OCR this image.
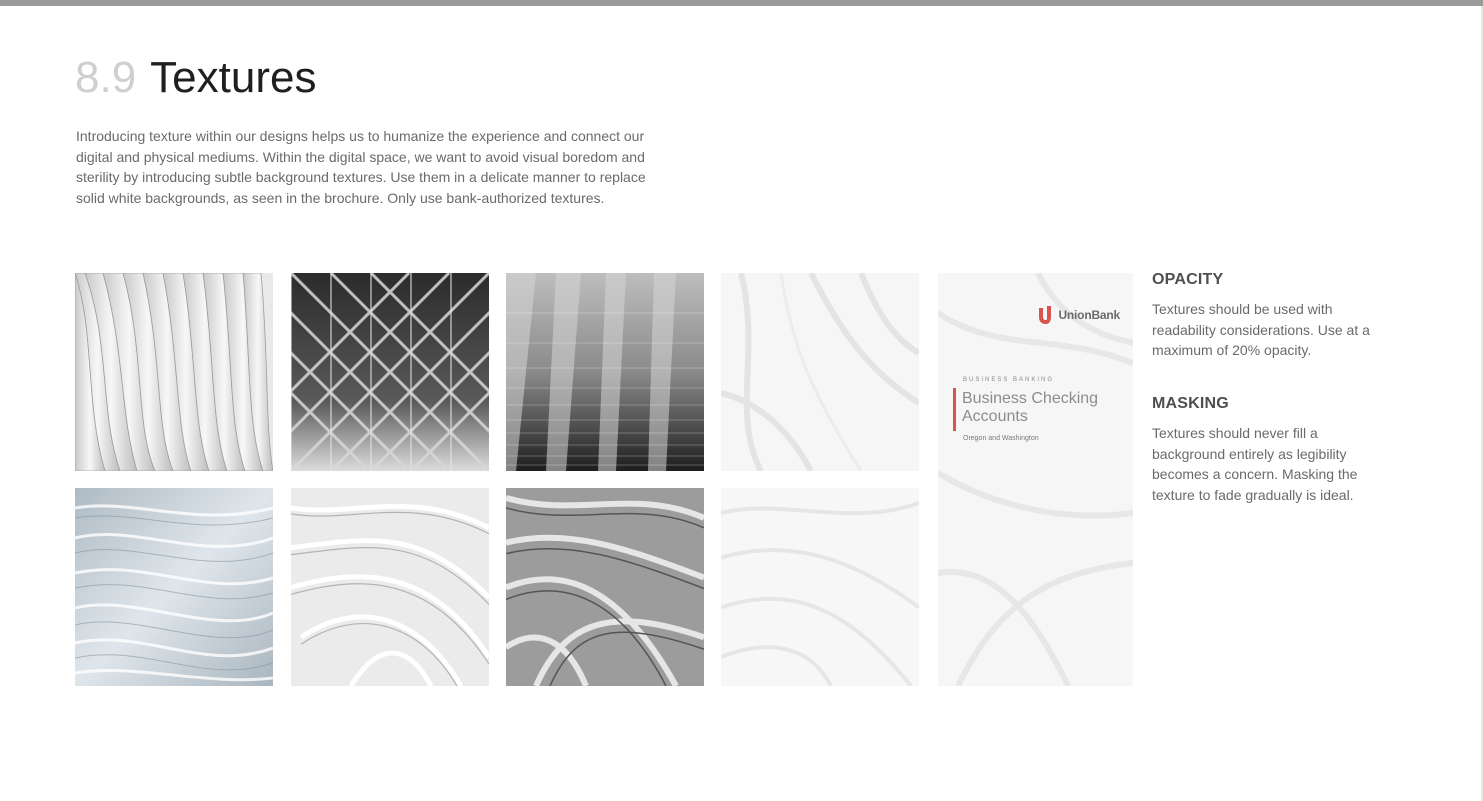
8.9 Textures
Introducing texture within our designs helps us to humanize the experience and connect our digital and physical mediums. Within the digital space, we want to avoid visual boredom and sterility by introducing subtle background textures. Use them in a delicate manner to replace solid white backgrounds, as seen in the brochure. Only use bank-authorized textures.
UnionBank
BUSINESS BANKING
Business Checking Accounts
Oregon and Washington
OPACITY

Textures should be used with readability considerations. Use at a maximum of 20% opacity.

MASKING

Textures should never fill a background entirely as legibility becomes a concern. Masking the texture to fade gradually is ideal.
